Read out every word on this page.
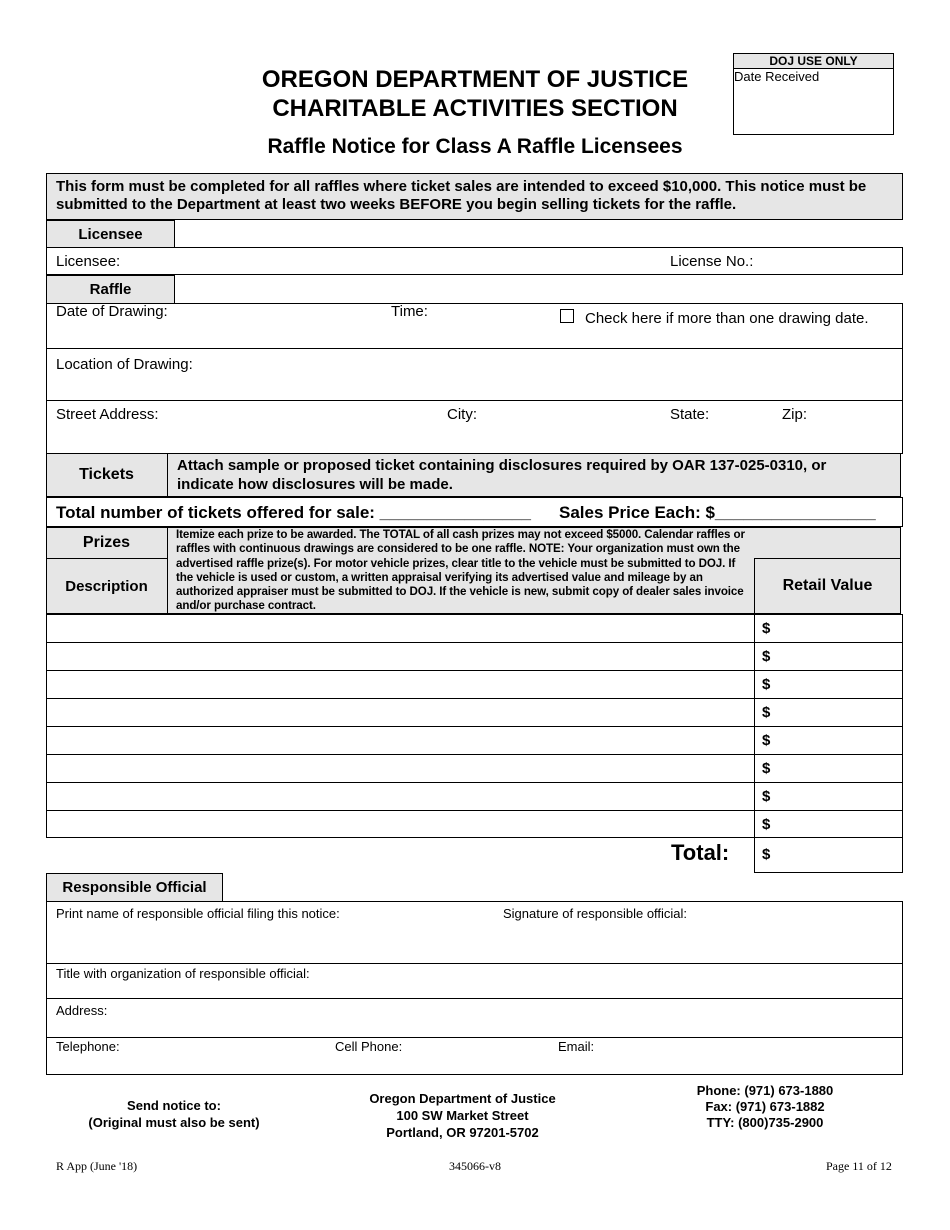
DOJ USE ONLY
Date Received
OREGON DEPARTMENT OF JUSTICE
CHARITABLE ACTIVITIES SECTION
Raffle Notice for Class A Raffle Licensees
This form must be completed for all raffles where ticket sales are intended to exceed $10,000. This notice must be submitted to the Department at least two weeks BEFORE you begin selling tickets for the raffle.
Licensee
Licensee:	License No.:
Raffle
Date of Drawing:	Time:	Check here if more than one drawing date.
Location of Drawing:
Street Address:	City:	State:	Zip:
Tickets
Attach sample or proposed ticket containing disclosures required by OAR 137-025-0310, or indicate how disclosures will be made.
Total number of tickets offered for sale: ________________ Sales Price Each: $_________________
Prizes
Description
Itemize each prize to be awarded. The TOTAL of all cash prizes may not exceed $5000. Calendar raffles or raffles with continuous drawings are considered to be one raffle. NOTE: Your organization must own the advertised raffle prize(s). For motor vehicle prizes, clear title to the vehicle must be submitted to DOJ. If the vehicle is used or custom, a written appraisal verifying its advertised value and mileage by an authorized appraiser must be submitted to DOJ. If the vehicle is new, submit copy of dealer sales invoice and/or purchase contract.
Retail Value
$
$
$
$
$
$
$
$
Total: $
Responsible Official
Print name of responsible official filing this notice:	Signature of responsible official:
Title with organization of responsible official:
Address:
Telephone:	Cell Phone:	Email:
Send notice to:
(Original must also be sent)
Oregon Department of Justice
100 SW Market Street
Portland, OR 97201-5702
Phone: (971) 673-1880
Fax: (971) 673-1882
TTY: (800)735-2900
R App (June '18)	345066-v8	Page 11 of 12
